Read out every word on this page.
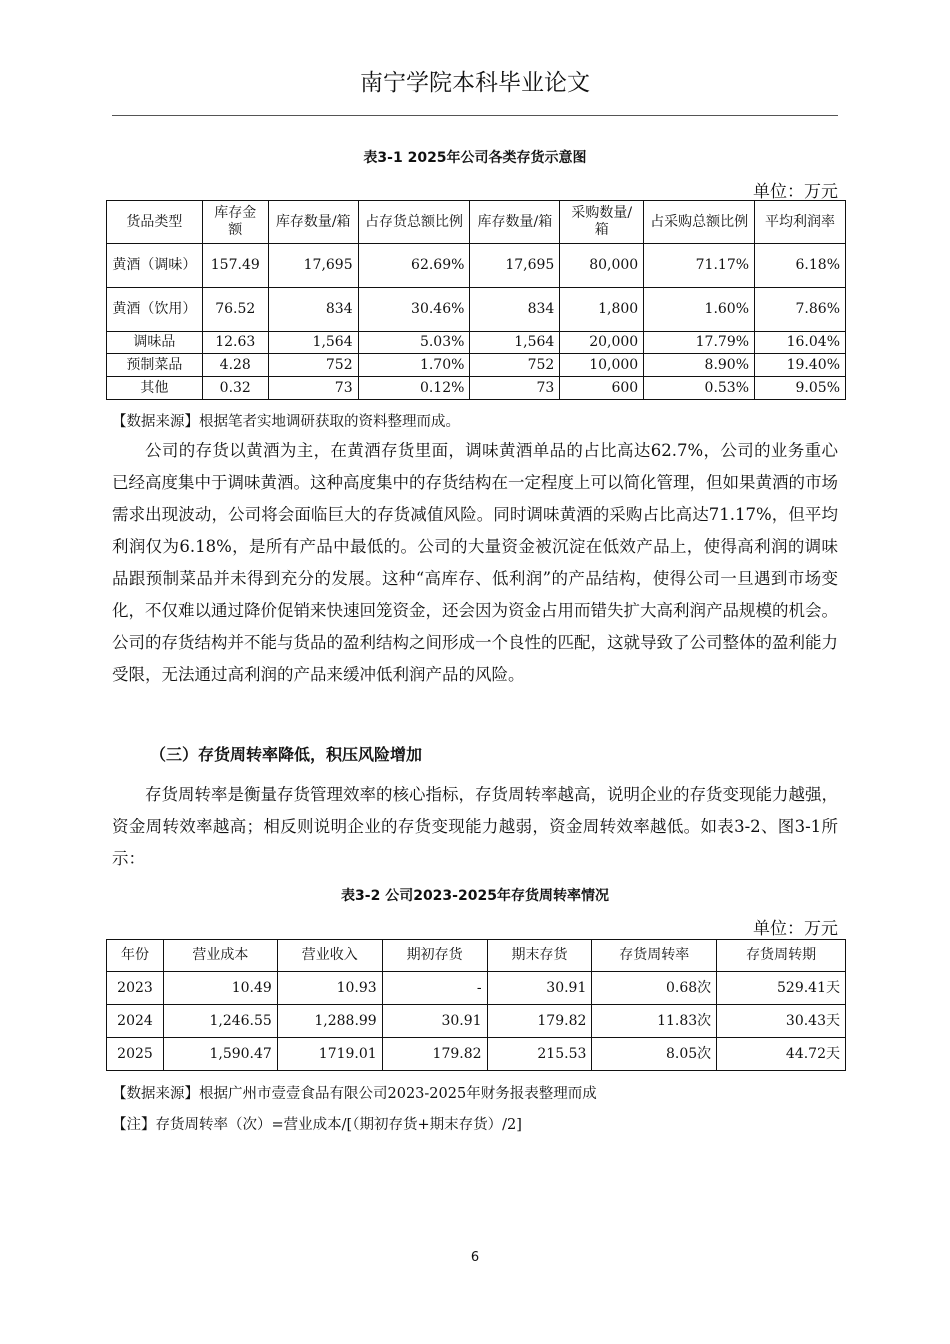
南宁学院本科毕业论文
表3-1 2025年公司各类存货示意图
单位：万元
货品类型	库存金额	库存数量/箱	占存货总额比例	库存数量/箱	采购数量/箱	占采购总额比例	平均利润率
黄酒（调味）	157.49	17,695	62.69%	17,695	80,000	71.17%	6.18%
黄酒（饮用）	76.52	834	30.46%	834	1,800	1.60%	7.86%
调味品	12.63	1,564	5.03%	1,564	20,000	17.79%	16.04%
预制菜品	4.28	752	1.70%	752	10,000	8.90%	19.40%
其他	0.32	73	0.12%	73	600	0.53%	9.05%
【数据来源】根据笔者实地调研获取的资料整理而成。

公司的存货以黄酒为主，在黄酒存货里面，调味黄酒单品的占比高达62.7%，公司的业务重心已经高度集中于调味黄酒。这种高度集中的存货结构在一定程度上可以简化管理，但如果黄酒的市场需求出现波动，公司将会面临巨大的存货减值风险。同时调味黄酒的采购占比高达71.17%，但平均利润仅为6.18%，是所有产品中最低的。公司的大量资金被沉淀在低效产品上，使得高利润的调味品跟预制菜品并未得到充分的发展。这种“高库存、低利润”的产品结构，使得公司一旦遇到市场变化，不仅难以通过降价促销来快速回笼资金，还会因为资金占用而错失扩大高利润产品规模的机会。公司的存货结构并不能与货品的盈利结构之间形成一个良性的匹配，这就导致了公司整体的盈利能力受限，无法通过高利润的产品来缓冲低利润产品的风险。

（三）存货周转率降低，积压风险增加

存货周转率是衡量存货管理效率的核心指标，存货周转率越高，说明企业的存货变现能力越强，资金周转效率越高；相反则说明企业的存货变现能力越弱，资金周转效率越低。如表3-2、图3-1所示：

表3-2 公司2023-2025年存货周转率情况
单位：万元
年份	营业成本	营业收入	期初存货	期末存货	存货周转率	存货周转期
2023	10.49	10.93	-	30.91	0.68次	529.41天
2024	1,246.55	1,288.99	30.91	179.82	11.83次	30.43天
2025	1,590.47	1719.01	179.82	215.53	8.05次	44.72天
【数据来源】根据广州市壹壹食品有限公司2023-2025年财务报表整理而成
【注】存货周转率（次）=营业成本/[（期初存货+期末存货）/2]
6
